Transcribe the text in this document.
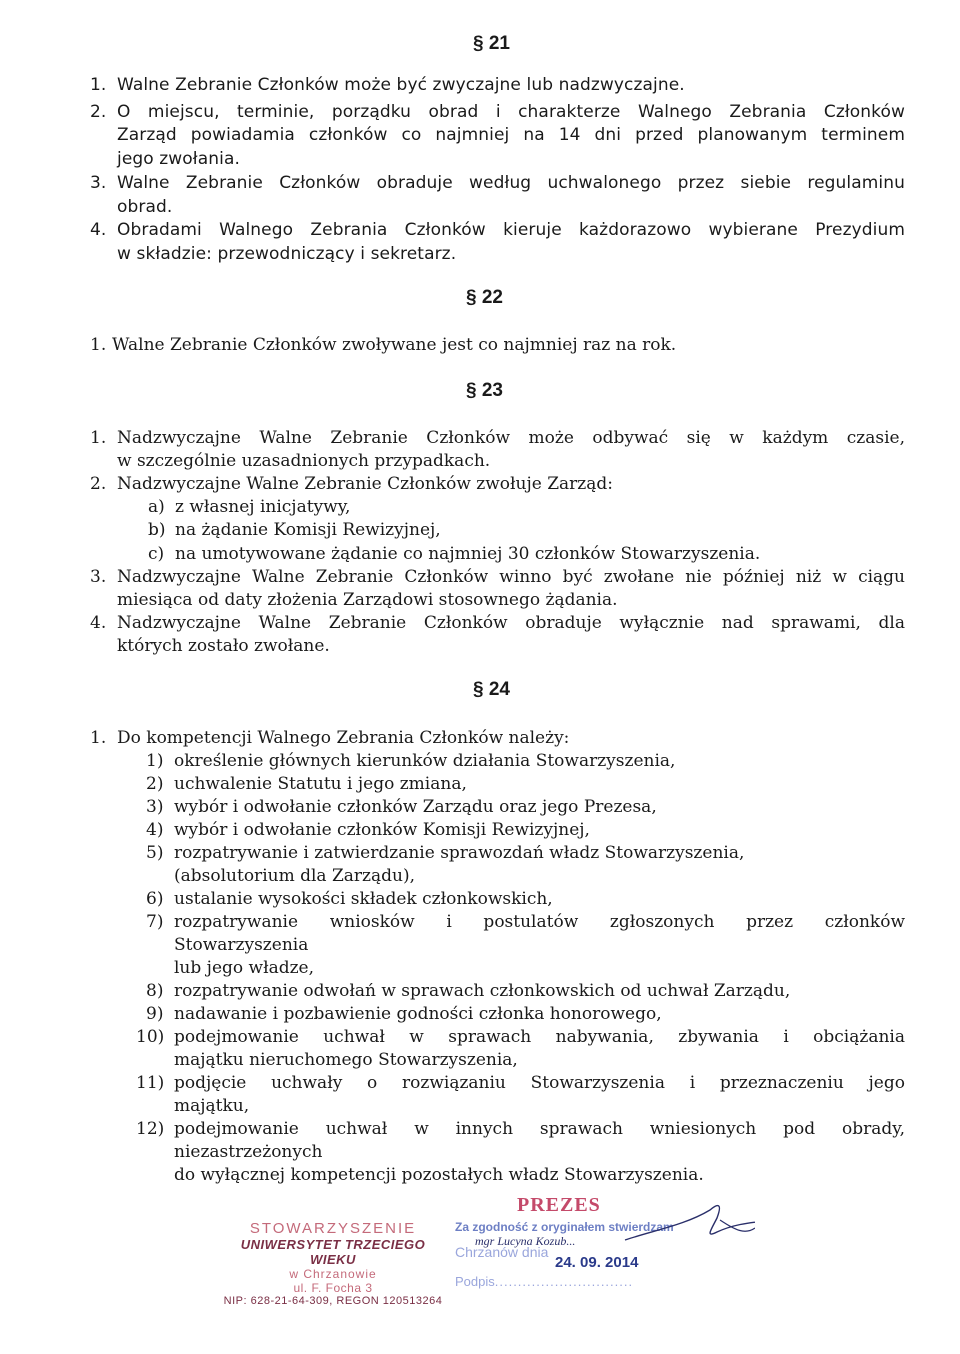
§ 21
1. Walne Zebranie Członków może być zwyczajne lub nadzwyczajne.
2. O miejscu, terminie, porządku obrad i charakterze Walnego Zebrania Członków
Zarząd powiadamia członków co najmniej na 14 dni przed planowanym terminem
jego zwołania.
3. Walne Zebranie Członków obraduje według uchwalonego przez siebie regulaminu
obrad.
4. Obradami Walnego Zebrania Członków kieruje każdorazowo wybierane Prezydium
w składzie: przewodniczący i sekretarz.
§ 22
1. Walne Zebranie Członków zwoływane jest co najmniej raz na rok.
§ 23
1. Nadzwyczajne Walne Zebranie Członków może odbywać się w każdym czasie,
w szczególnie uzasadnionych przypadkach.
2. Nadzwyczajne Walne Zebranie Członków zwołuje Zarząd:
a) z własnej inicjatywy,
b) na żądanie Komisji Rewizyjnej,
c) na umotywowane żądanie co najmniej 30 członków Stowarzyszenia.
3. Nadzwyczajne Walne Zebranie Członków winno być zwołane nie później niż w ciągu
miesiąca od daty złożenia Zarządowi stosownego żądania.
4. Nadzwyczajne Walne Zebranie Członków obraduje wyłącznie nad sprawami, dla
których zostało zwołane.
§ 24
1. Do kompetencji Walnego Zebrania Członków należy:
1) określenie głównych kierunków działania Stowarzyszenia,
2) uchwalenie Statutu i jego zmiana,
3) wybór i odwołanie członków Zarządu oraz jego Prezesa,
4) wybór i odwołanie członków Komisji Rewizyjnej,
5) rozpatrywanie i zatwierdzanie sprawozdań władz Stowarzyszenia,
(absolutorium dla Zarządu),
6) ustalanie wysokości składek członkowskich,
7) rozpatrywanie wniosków i postulatów zgłoszonych przez członków
Stowarzyszenia
lub jego władze,
8) rozpatrywanie odwołań w sprawach członkowskich od uchwał Zarządu,
9) nadawanie i pozbawienie godności członka honorowego,
10) podejmowanie uchwał w sprawach nabywania, zbywania i obciążania
majątku nieruchomego Stowarzyszenia,
11) podjęcie uchwały o rozwiązaniu Stowarzyszenia i przeznaczeniu jego
majątku,
12) podejmowanie uchwał w innych sprawach wniesionych pod obrady,
niezastrzeżonych
do wyłącznej kompetencji pozostałych władz Stowarzyszenia.
STOWARZYSZENIE
UNIWERSYTET TRZECIEGO WIEKU
w Chrzanowie
ul. F. Focha 3
NIP: 628-21-64-309, REGON 120513264
PREZES
Za zgodność z oryginałem stwierdzam
mgr Lucyna Kozub...
Chrzanów dnia
24. 09. 2014
Podpis..............................
